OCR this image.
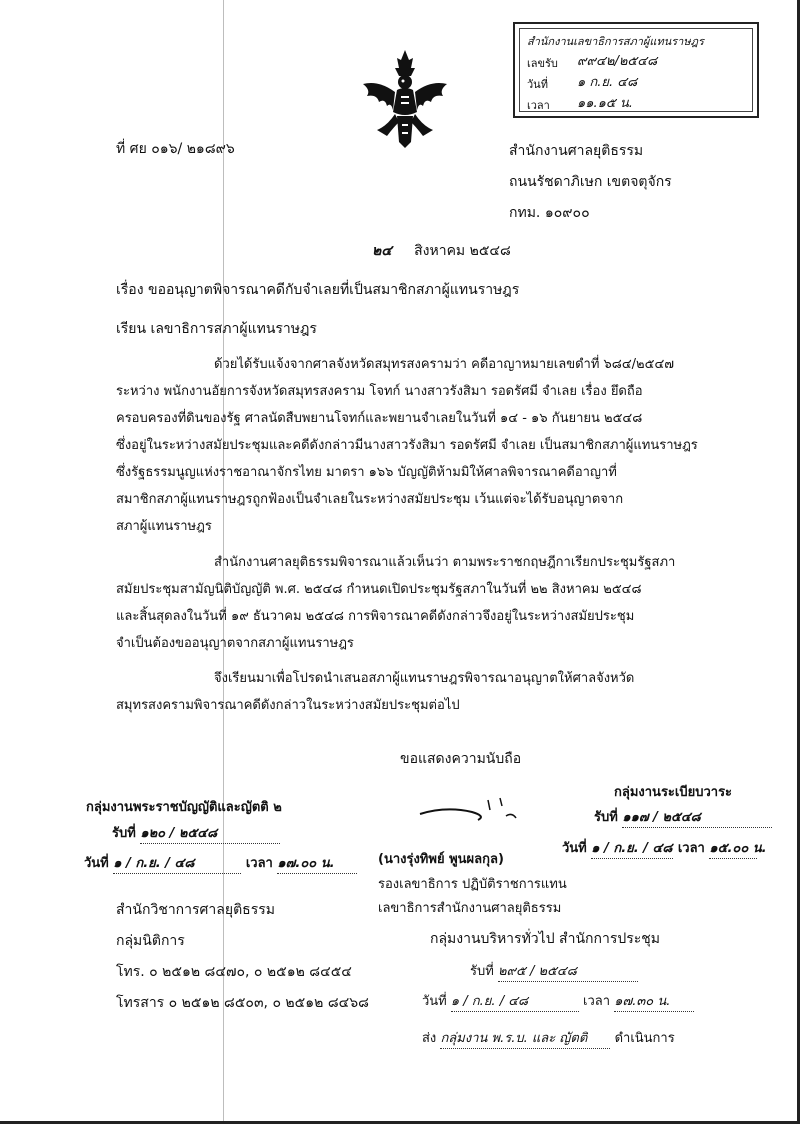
สำนักงานเลขาธิการสภาผู้แทนราษฎร
เลขรับ ๙๙๔๒/๒๕๔๘
วันที่ ๑ ก.ย. ๔๘
เวลา ๑๑.๑๕ น.
ที่ ศย ๐๑๖/ ๒๑๘๙๖	สำนักงานศาลยุติธรรม
ถนนรัชดาภิเษก เขตจตุจักร
กทม. ๑๐๙๐๐
๒๔ สิงหาคม ๒๕๔๘
เรื่อง ขออนุญาตพิจารณาคดีกับจำเลยที่เป็นสมาชิกสภาผู้แทนราษฎร
เรียน เลขาธิการสภาผู้แทนราษฎร
ด้วยได้รับแจ้งจากศาลจังหวัดสมุทรสงครามว่า คดีอาญาหมายเลขดำที่ ๖๘๔/๒๕๔๗
ระหว่าง พนักงานอัยการจังหวัดสมุทรสงคราม โจทก์ นางสาวรังสิมา รอดรัศมี จำเลย เรื่อง ยึดถือ
ครอบครองที่ดินของรัฐ ศาลนัดสืบพยานโจทก์และพยานจำเลยในวันที่ ๑๔ - ๑๖ กันยายน ๒๕๔๘
ซึ่งอยู่ในระหว่างสมัยประชุมและคดีดังกล่าวมีนางสาวรังสิมา รอดรัศมี จำเลย เป็นสมาชิกสภาผู้แทนราษฎร
ซึ่งรัฐธรรมนูญแห่งราชอาณาจักรไทย มาตรา ๑๖๖ บัญญัติห้ามมิให้ศาลพิจารณาคดีอาญาที่
สมาชิกสภาผู้แทนราษฎรถูกฟ้องเป็นจำเลยในระหว่างสมัยประชุม เว้นแต่จะได้รับอนุญาตจาก
สภาผู้แทนราษฎร
สำนักงานศาลยุติธรรมพิจารณาแล้วเห็นว่า ตามพระราชกฤษฎีกาเรียกประชุมรัฐสภา
สมัยประชุมสามัญนิติบัญญัติ พ.ศ. ๒๕๔๘ กำหนดเปิดประชุมรัฐสภาในวันที่ ๒๒ สิงหาคม ๒๕๔๘
และสิ้นสุดลงในวันที่ ๑๙ ธันวาคม ๒๕๔๘ การพิจารณาคดีดังกล่าวจึงอยู่ในระหว่างสมัยประชุม
จำเป็นต้องขออนุญาตจากสภาผู้แทนราษฎร
จึงเรียนมาเพื่อโปรดนำเสนอสภาผู้แทนราษฎรพิจารณาอนุญาตให้ศาลจังหวัด
สมุทรสงครามพิจารณาคดีดังกล่าวในระหว่างสมัยประชุมต่อไป
ขอแสดงความนับถือ
(นางรุ่งทิพย์ พูนผลกุล)
รองเลขาธิการ ปฏิบัติราชการแทน
เลขาธิการสำนักงานศาลยุติธรรม
กลุ่มงานพระราชบัญญัติและญัตติ ๒
รับที่ ๑๒๐ / ๒๕๔๘
วันที่ ๑ / ก.ย. / ๔๘	เวลา ๑๗.๐๐ น.
กลุ่มงานระเบียบวาระ
รับที่ ๑๑๗ / ๒๕๔๘
วันที่ ๑ / ก.ย. / ๔๘ เวลา ๑๕.๐๐ น.
สำนักวิชาการศาลยุติธรรม
กลุ่มนิติการ
โทร. ๐ ๒๕๑๒ ๘๔๗๐, ๐ ๒๕๑๒ ๘๔๕๔
โทรสาร ๐ ๒๕๑๒ ๘๕๐๓, ๐ ๒๕๑๒ ๘๔๖๘
กลุ่มงานบริหารทั่วไป สำนักการประชุม
รับที่ ๒๙๕ / ๒๕๔๘
วันที่ ๑ / ก.ย. / ๔๘	เวลา ๑๗.๓๐ น.
ส่ง กลุ่มงาน พ.ร.บ. และ ญัตติ ดำเนินการ
